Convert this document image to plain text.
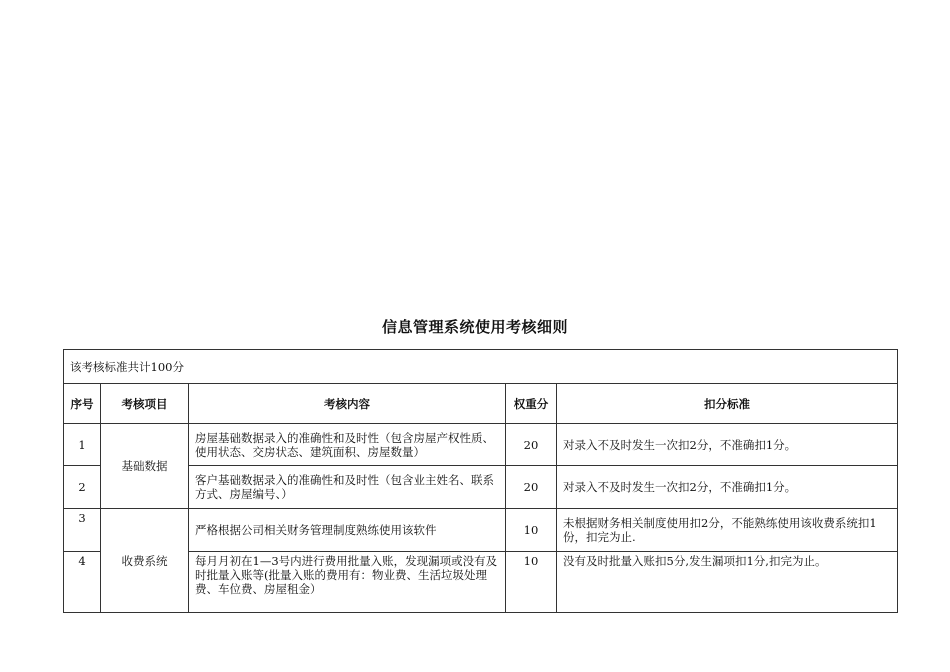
信息管理系统使用考核细则
该考核标准共计100分				
序号	考核项目	考核内容	权重分	扣分标准
1	基础数据	房屋基础数据录入的准确性和及时性（包含房屋产权性质、使用状态、交房状态、建筑面积、房屋数量）	20	对录入不及时发生一次扣2分，不准确扣1分。
2		客户基础数据录入的准确性和及时性（包含业主姓名、联系方式、房屋编号、）	20	对录入不及时发生一次扣2分，不准确扣1分。
3	收费系统	严格根据公司相关财务管理制度熟练使用该软件	10	未根据财务相关制度使用扣2分，不能熟练使用该收费系统扣1份，扣完为止.
4		每月月初在1—3号内进行费用批量入账，发现漏项或没有及时批量入账等(批量入账的费用有：物业费、生活垃圾处理费、车位费、房屋租金）	10	没有及时批量入账扣5分,发生漏项扣1分,扣完为止。
